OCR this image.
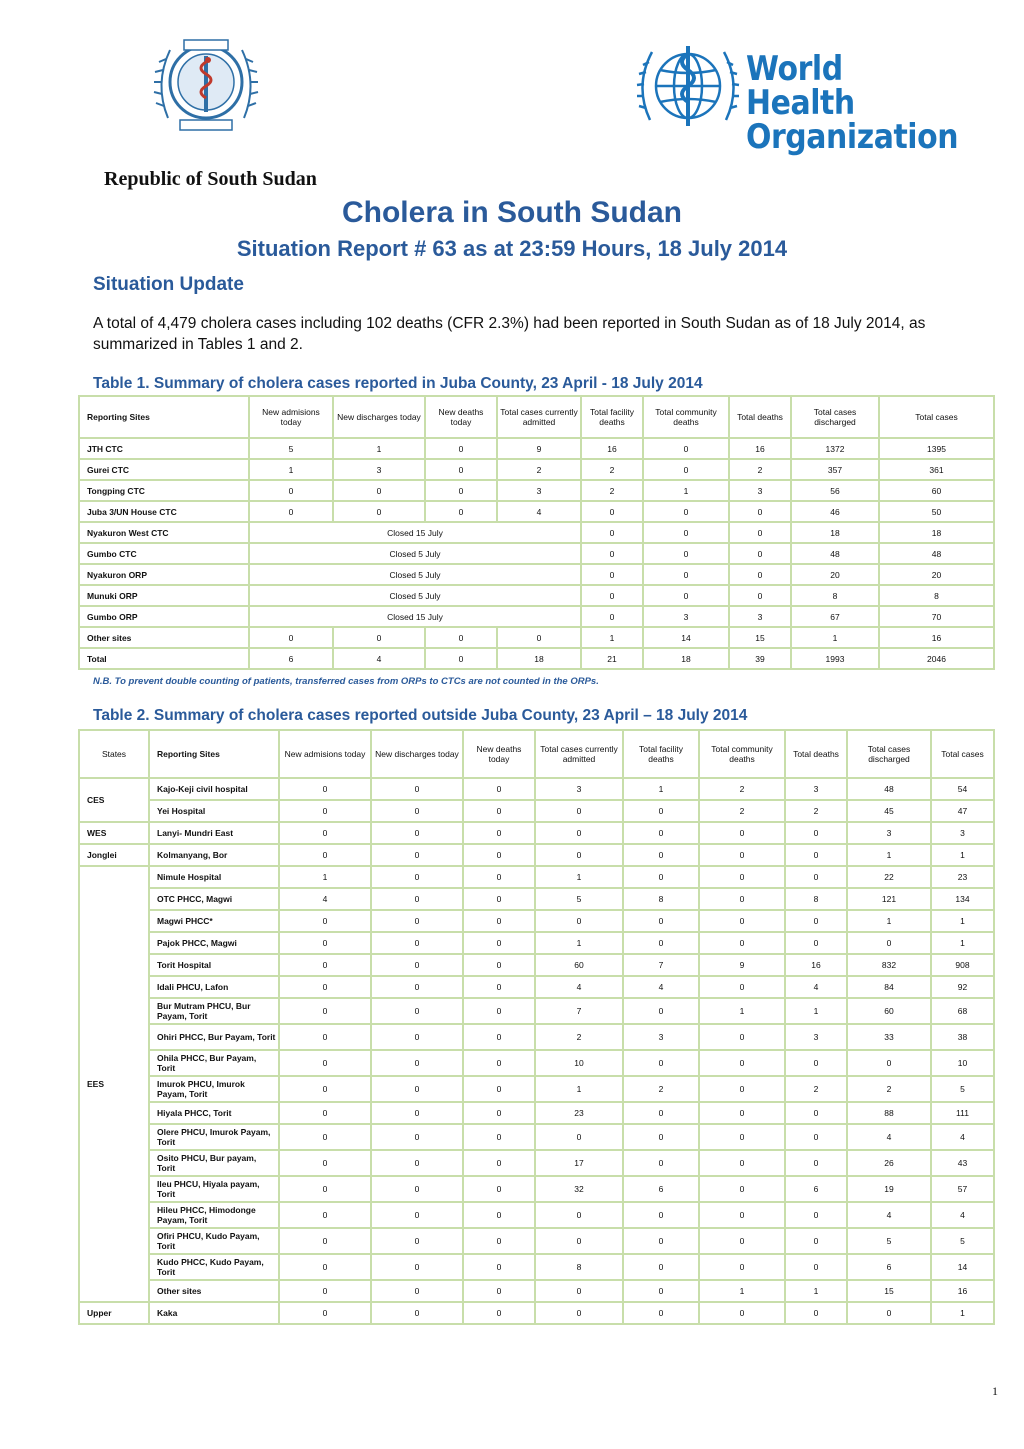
World Health
Organization
Republic of South Sudan
Cholera in South Sudan
Situation Report # 63 as at 23:59 Hours, 18 July 2014
Situation Update
A total of 4,479 cholera cases including 102 deaths (CFR 2.3%) had been reported in South Sudan as of 18 July 2014, as summarized in Tables 1 and 2.
Table 1. Summary of cholera cases reported in Juba County, 23 April - 18 July 2014
Reporting Sites	New admisions today	New discharges today	New deaths today	Total cases currently admitted	Total facility deaths	Total community deaths	Total deaths	Total cases discharged	Total cases
JTH CTC	5	1	0	9	16	0	16	1372	1395
Gurei CTC	1	3	0	2	2	0	2	357	361
Tongping CTC	0	0	0	3	2	1	3	56	60
Juba 3/UN House CTC	0	0	0	4	0	0	0	46	50
Nyakuron West CTC	Closed 15 July				0	0	0	18	18
Gumbo CTC	Closed 5 July				0	0	0	48	48
Nyakuron ORP	Closed 5 July				0	0	0	20	20
Munuki ORP	Closed 5 July				0	0	0	8	8
Gumbo ORP	Closed 15 July				0	3	3	67	70
Other sites	0	0	0	0	1	14	15	1	16
Total	6	4	0	18	21	18	39	1993	2046
N.B. To prevent double counting of patients, transferred cases from ORPs to CTCs are not counted in the ORPs.
Table 2. Summary of cholera cases reported outside Juba County, 23 April – 18 July 2014
States	Reporting Sites	New admisions today	New discharges today	New deaths today	Total cases currently admitted	Total facility deaths	Total community deaths	Total deaths	Total cases discharged	Total cases
CES	Kajo-Keji civil hospital	0	0	0	3	1	2	3	48	54
	Yei Hospital	0	0	0	0	0	2	2	45	47
WES	Lanyi- Mundri East	0	0	0	0	0	0	0	3	3
Jonglei	Kolmanyang, Bor	0	0	0	0	0	0	0	1	1
EES	Nimule Hospital	1	0	0	1	0	0	0	22	23
	OTC PHCC, Magwi	4	0	0	5	8	0	8	121	134
	Magwi PHCC*	0	0	0	0	0	0	0	1	1
	Pajok PHCC, Magwi	0	0	0	1	0	0	0	0	1
	Torit Hospital	0	0	0	60	7	9	16	832	908
	Idali PHCU, Lafon	0	0	0	4	4	0	4	84	92
	Bur Mutram PHCU, Bur Payam, Torit	0	0	0	7	0	1	1	60	68
	Ohiri PHCC, Bur Payam, Torit	0	0	0	2	3	0	3	33	38
	Ohila PHCC, Bur Payam, Torit	0	0	0	10	0	0	0	0	10
	Imurok PHCU, Imurok Payam, Torit	0	0	0	1	2	0	2	2	5
	Hiyala PHCC, Torit	0	0	0	23	0	0	0	88	111
	Olere PHCU, Imurok Payam, Torit	0	0	0	0	0	0	0	4	4
	Osito PHCU, Bur payam, Torit	0	0	0	17	0	0	0	26	43
	Ileu PHCU, Hiyala payam, Torit	0	0	0	32	6	0	6	19	57
	Hileu PHCC, Himodonge Payam, Torit	0	0	0	0	0	0	0	4	4
	Ofiri PHCU, Kudo Payam, Torit	0	0	0	0	0	0	0	5	5
	Kudo PHCC, Kudo Payam, Torit	0	0	0	8	0	0	0	6	14
	Other sites	0	0	0	0	0	1	1	15	16
Upper	Kaka	0	0	0	0	0	0	0	0	1
1
